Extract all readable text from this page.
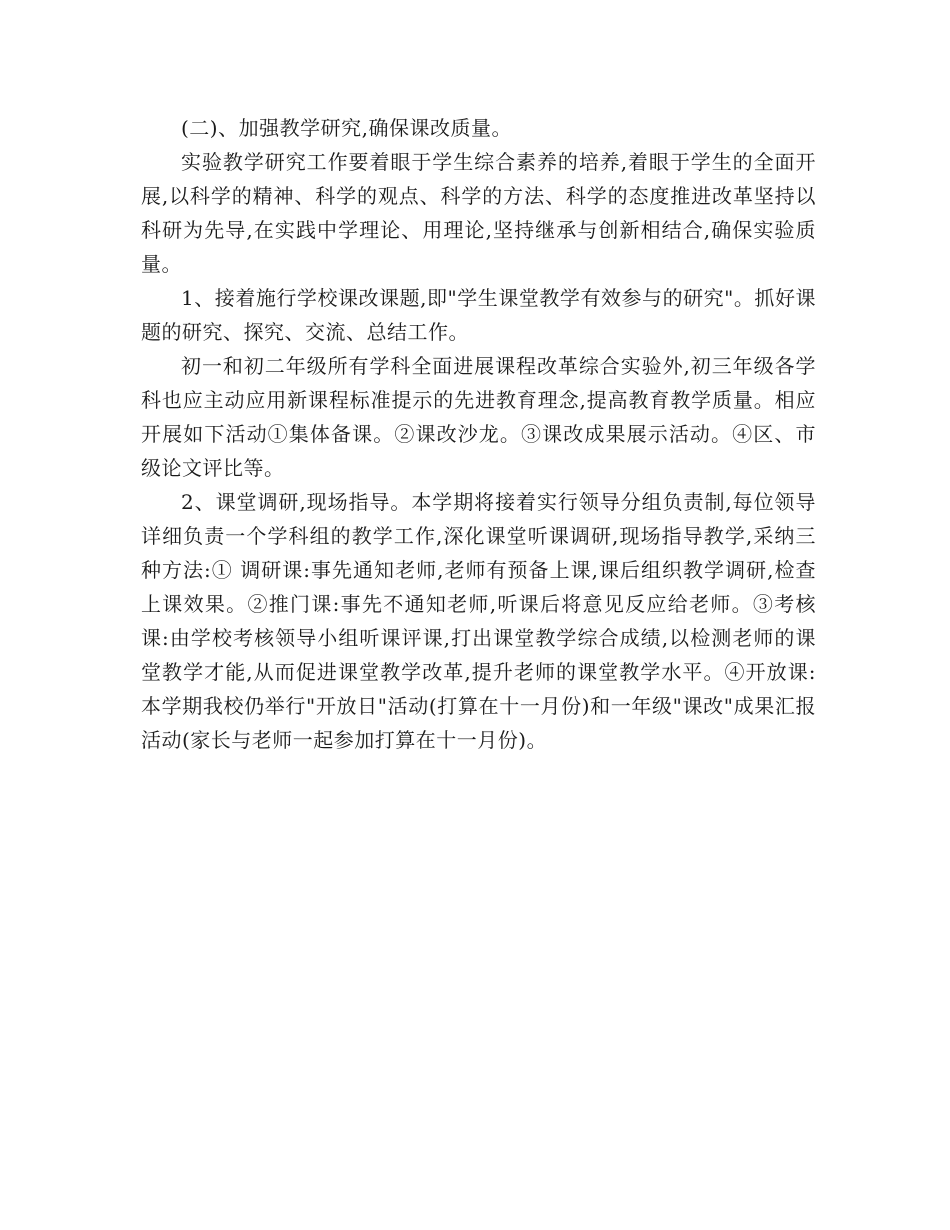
(二)、加强教学研究,确保课改质量。

实验教学研究工作要着眼于学生综合素养的培养,着眼于学生的全面开展,以科学的精神、科学的观点、科学的方法、科学的态度推进改革坚持以科研为先导,在实践中学理论、用理论,坚持继承与创新相结合,确保实验质量。

1、接着施行学校课改课题,即"学生课堂教学有效参与的研究"。抓好课题的研究、探究、交流、总结工作。

初一和初二年级所有学科全面进展课程改革综合实验外,初三年级各学科也应主动应用新课程标准提示的先进教育理念,提高教育教学质量。相应开展如下活动①集体备课。②课改沙龙。③课改成果展示活动。④区、市级论文评比等。

2、课堂调研,现场指导。本学期将接着实行领导分组负责制,每位领导详细负责一个学科组的教学工作,深化课堂听课调研,现场指导教学,采纳三种方法:① 调研课:事先通知老师,老师有预备上课,课后组织教学调研,检查上课效果。②推门课:事先不通知老师,听课后将意见反应给老师。③考核课:由学校考核领导小组听课评课,打出课堂教学综合成绩,以检测老师的课堂教学才能,从而促进课堂教学改革,提升老师的课堂教学水平。④开放课:本学期我校仍举行"开放日"活动(打算在十一月份)和一年级"课改"成果汇报活动(家长与老师一起参加打算在十一月份)。
